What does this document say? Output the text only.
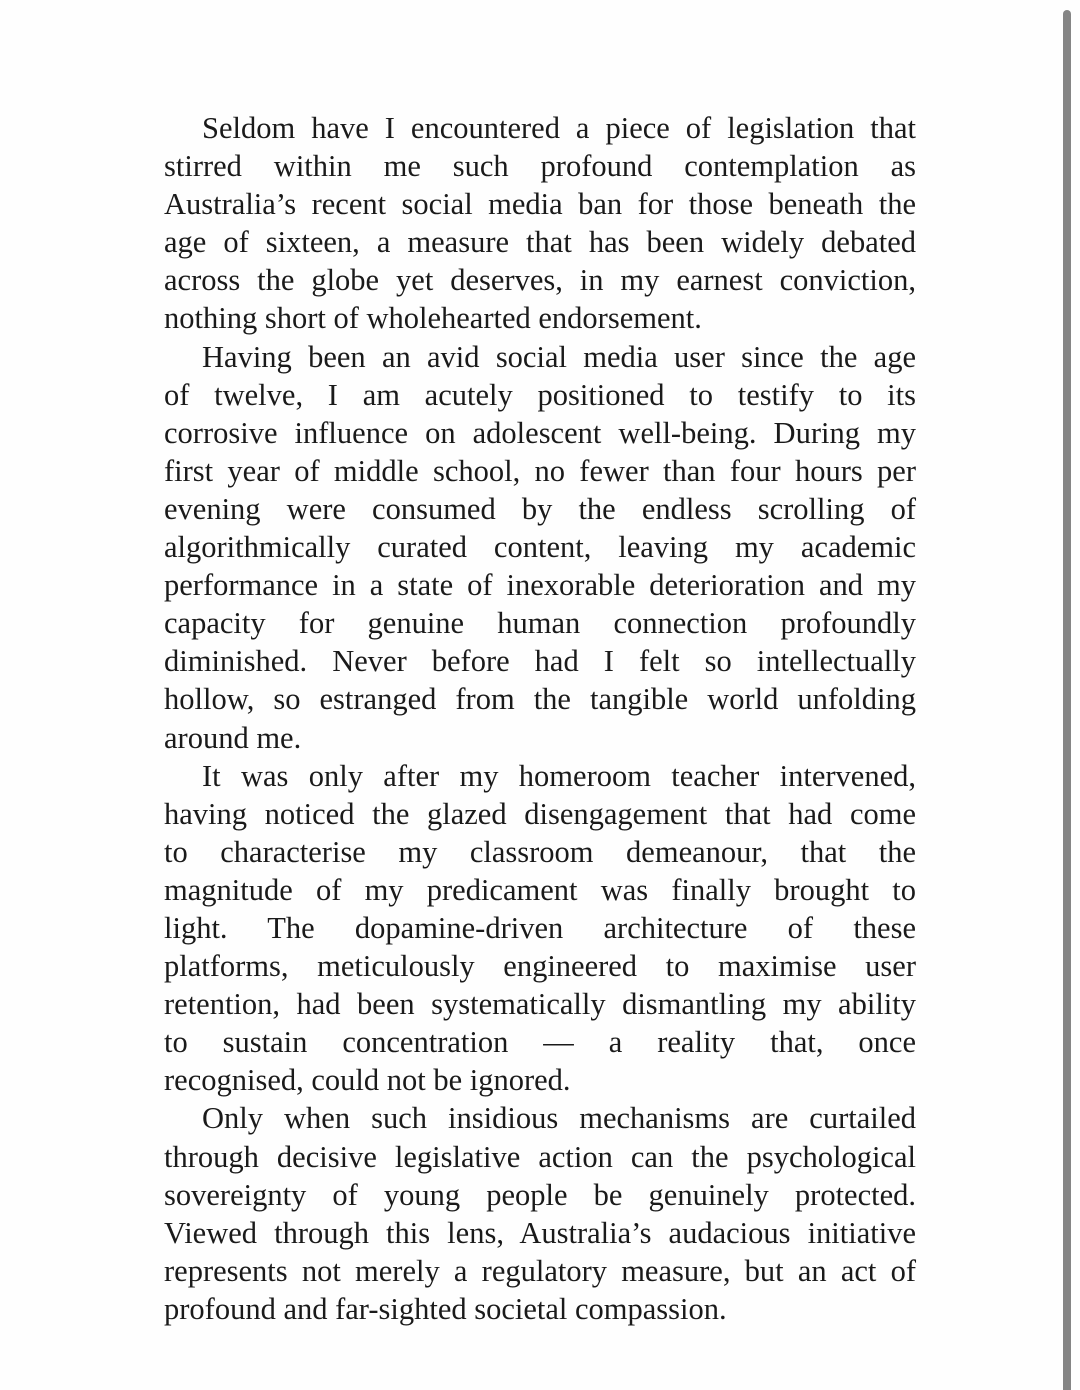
Seldom have I encountered a piece of legislation that
stirred within me such profound contemplation as
Australia’s recent social media ban for those beneath the
age of sixteen, a measure that has been widely debated
across the globe yet deserves, in my earnest conviction,
nothing short of wholehearted endorsement.

Having been an avid social media user since the age
of twelve, I am acutely positioned to testify to its
corrosive influence on adolescent well-being. During my
first year of middle school, no fewer than four hours per
evening were consumed by the endless scrolling of
algorithmically curated content, leaving my academic
performance in a state of inexorable deterioration and my
capacity for genuine human connection profoundly
diminished. Never before had I felt so intellectually
hollow, so estranged from the tangible world unfolding
around me.

It was only after my homeroom teacher intervened,
having noticed the glazed disengagement that had come
to characterise my classroom demeanour, that the
magnitude of my predicament was finally brought to
light. The dopamine-driven architecture of these
platforms, meticulously engineered to maximise user
retention, had been systematically dismantling my ability
to sustain concentration — a reality that, once
recognised, could not be ignored.

Only when such insidious mechanisms are curtailed
through decisive legislative action can the psychological
sovereignty of young people be genuinely protected.
Viewed through this lens, Australia’s audacious initiative
represents not merely a regulatory measure, but an act of
profound and far-sighted societal compassion.
